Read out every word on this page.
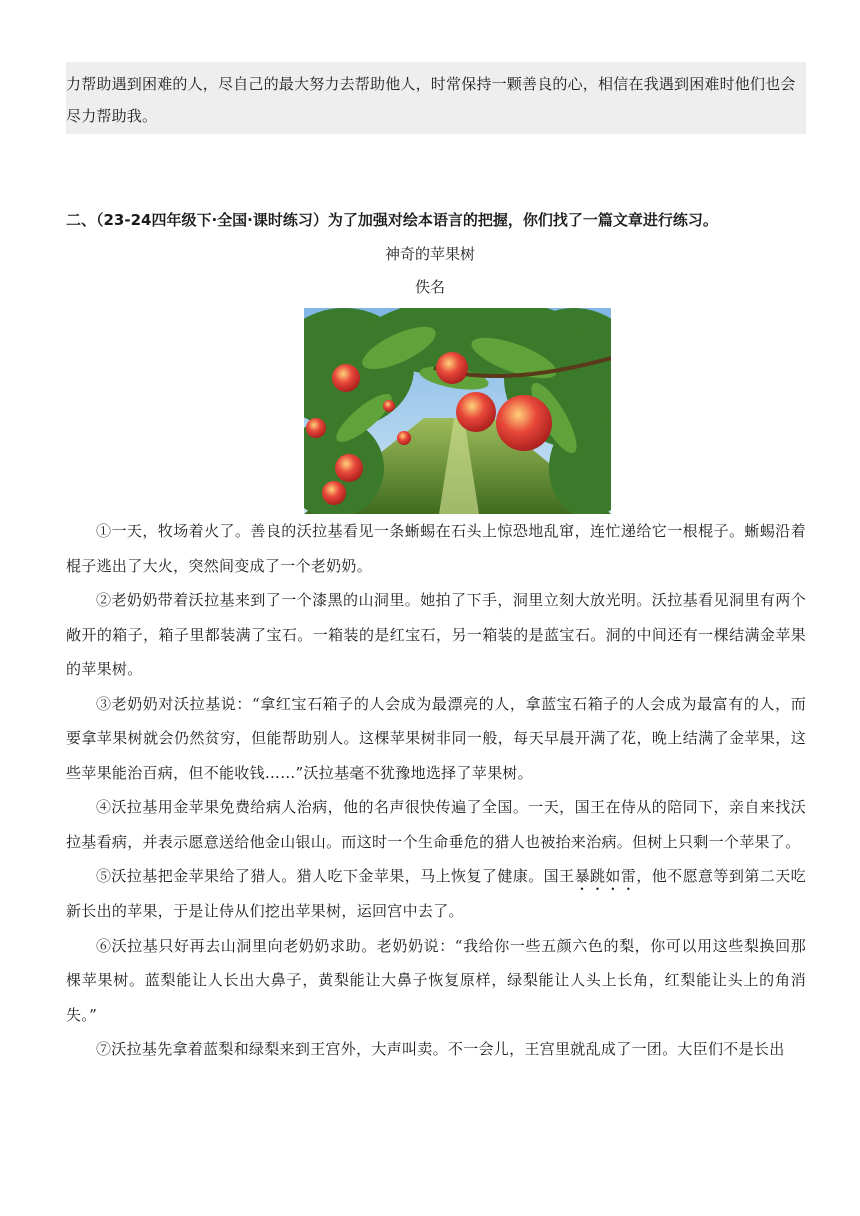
力帮助遇到困难的人，尽自己的最大努力去帮助他人，时常保持一颗善良的心，相信在我遇到困难时他们也会尽力帮助我。
二、（23-24四年级下·全国·课时练习）为了加强对绘本语言的把握，你们找了一篇文章进行练习。
神奇的苹果树
佚名

①一天，牧场着火了。善良的沃拉基看见一条蜥蜴在石头上惊恐地乱窜，连忙递给它一根棍子。蜥蜴沿着棍子逃出了大火，突然间变成了一个老奶奶。

②老奶奶带着沃拉基来到了一个漆黑的山洞里。她拍了下手，洞里立刻大放光明。沃拉基看见洞里有两个敞开的箱子，箱子里都装满了宝石。一箱装的是红宝石，另一箱装的是蓝宝石。洞的中间还有一棵结满金苹果的苹果树。

③老奶奶对沃拉基说：“拿红宝石箱子的人会成为最漂亮的人，拿蓝宝石箱子的人会成为最富有的人，而要拿苹果树就会仍然贫穷，但能帮助别人。这棵苹果树非同一般，每天早晨开满了花，晚上结满了金苹果，这些苹果能治百病，但不能收钱……”沃拉基毫不犹豫地选择了苹果树。

④沃拉基用金苹果免费给病人治病，他的名声很快传遍了全国。一天，国王在侍从的陪同下，亲自来找沃拉基看病，并表示愿意送给他金山银山。而这时一个生命垂危的猎人也被抬来治病。但树上只剩一个苹果了。

⑤沃拉基把金苹果给了猎人。猎人吃下金苹果，马上恢复了健康。国王暴跳如雷，他不愿意等到第二天吃新长出的苹果，于是让侍从们挖出苹果树，运回宫中去了。

⑥沃拉基只好再去山洞里向老奶奶求助。老奶奶说：“我给你一些五颜六色的梨，你可以用这些梨换回那棵苹果树。蓝梨能让人长出大鼻子，黄梨能让大鼻子恢复原样，绿梨能让人头上长角，红梨能让头上的角消失。”

⑦沃拉基先拿着蓝梨和绿梨来到王宫外，大声叫卖。不一会儿，王宫里就乱成了一团。大臣们不是长出
